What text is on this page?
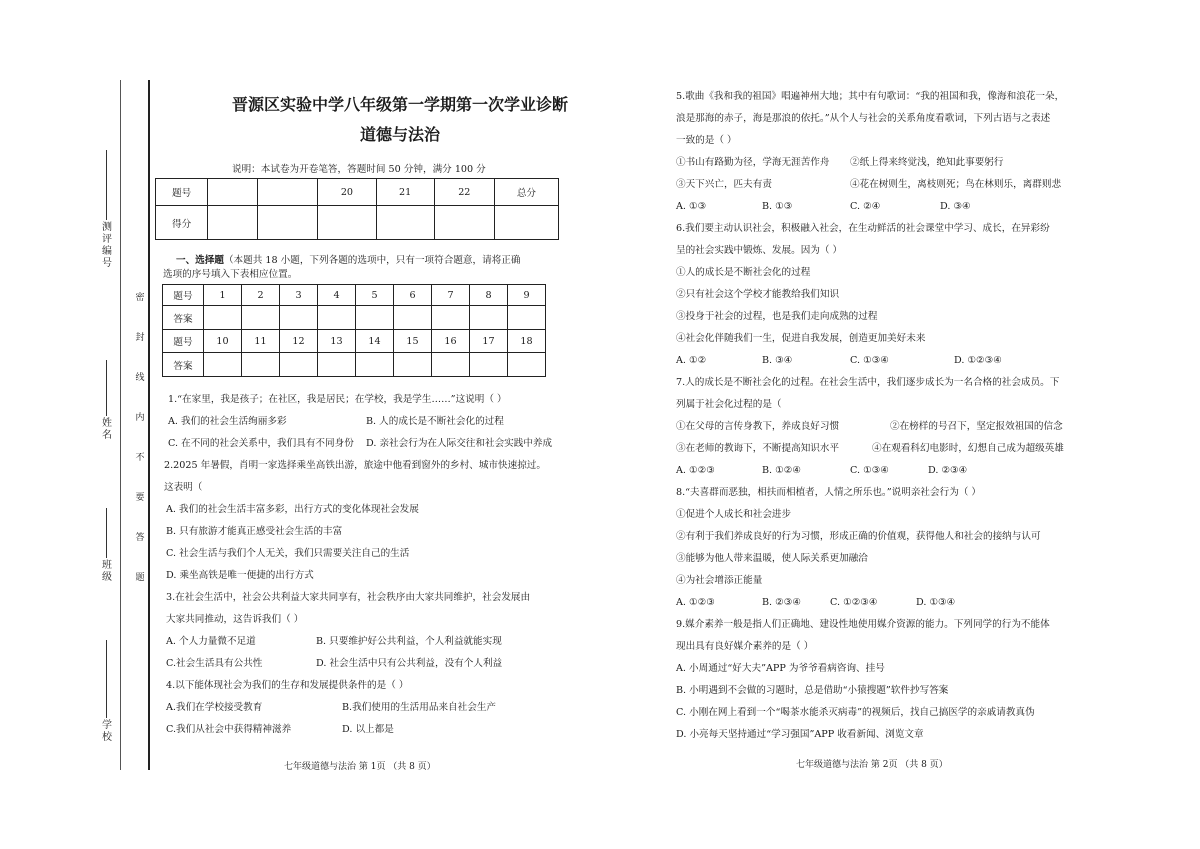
测评编号
姓 名
班 级
学校
密封线内不要答题
晋源区实验中学八年级第一学期第一次学业诊断
道德与法治
说明：本试卷为开卷笔答，答题时间 50 分钟，满分 100 分
题号			20	21	22	总分
得分						
一、选择题（本题共 18 小题，下列各题的选项中，只有一项符合题意，请将正确
选项的序号填入下表相应位置。
题号	1	2	3	4	5	6	7	8	9
答案									
题号	10	11	12	13	14	15	16	17	18
答案									
1.“在家里，我是孩子；在社区，我是居民；在学校，我是学生……”这说明（ ）
A. 我们的社会生活绚丽多彩	B. 人的成长是不断社会化的过程
C. 在不同的社会关系中，我们具有不同身份 D. 亲社会行为在人际交往和社会实践中养成
2.2025 年暑假，肖明一家选择乘坐高铁出游，旅途中他看到窗外的乡村、城市快速掠过。
这表明（
A. 我们的社会生活丰富多彩，出行方式的变化体现社会发展
B. 只有旅游才能真正感受社会生活的丰富
C. 社会生活与我们个人无关，我们只需要关注自己的生活
D. 乘坐高铁是唯一便捷的出行方式
3.在社会生活中，社会公共利益大家共同享有，社会秩序由大家共同维护，社会发展由
大家共同推动，这告诉我们（ ）
A. 个人力量微不足道	B. 只要维护好公共利益，个人利益就能实现
C.社会生活具有公共性	D. 社会生活中只有公共利益，没有个人利益
4.以下能体现社会为我们的生存和发展提供条件的是（ ）
A.我们在学校接受教育	B.我们使用的生活用品来自社会生产
C.我们从社会中获得精神滋养	D. 以上都是
七年级道德与法治 第 1页 （共 8 页）
5.歌曲《我和我的祖国》唱遍神州大地；其中有句歌词：“我的祖国和我，像海和浪花一朵，
浪是那海的赤子，海是那浪的依托。”从个人与社会的关系角度看歌词，下列古语与之表述
一致的是（ ）
①书山有路勤为径，学海无涯苦作舟 ②纸上得来终觉浅，绝知此事要躬行
③天下兴亡，匹夫有责	④花在树则生，离枝则死；鸟在林则乐，离群则悲
A. ①③	B. ①③	C. ②④	D. ③④
6.我们要主动认识社会，积极融入社会，在生动鲜活的社会课堂中学习、成长，在异彩纷
呈的社会实践中锻炼、发展。因为（ ）
①人的成长是不断社会化的过程
②只有社会这个学校才能教给我们知识
③投身于社会的过程，也是我们走向成熟的过程
④社会化伴随我们一生，促进自我发展，创造更加美好未来
A. ①②	B. ③④	C. ①③④	D. ①②③④
7.人的成长是不断社会化的过程。在社会生活中，我们逐步成长为一名合格的社会成员。下
列属于社会化过程的是（
①在父母的言传身教下，养成良好习惯	②在榜样的号召下，坚定报效祖国的信念
③在老师的教诲下，不断提高知识水平	④在观看科幻电影时，幻想自己成为超级英雄
A. ①②③	B. ①②④	C. ①③④	D. ②③④
8.“夫喜群而恶独，相扶而相植者，人情之所乐也。”说明亲社会行为（ ）
①促进个人成长和社会进步
②有利于我们养成良好的行为习惯，形成正确的价值观，获得他人和社会的接纳与认可
③能够为他人带来温暖，使人际关系更加融洽
④为社会增添正能量
A. ①②③	B. ②③④	C. ①②③④	D. ①③④
9.媒介素养一般是指人们正确地、建设性地使用媒介资源的能力。下列同学的行为不能体
现出具有良好媒介素养的是（ ）
A. 小周通过“好大夫”APP 为爷爷看病咨询、挂号
B. 小明遇到不会做的习题时，总是借助“小猿搜题”软件抄写答案
C. 小刚在网上看到一个“喝茶水能杀灭病毒”的视频后，找自己搞医学的亲戚请教真伪
D. 小亮每天坚持通过“学习强国”APP 收看新闻、浏览文章
七年级道德与法治 第 2页 （共 8 页）
